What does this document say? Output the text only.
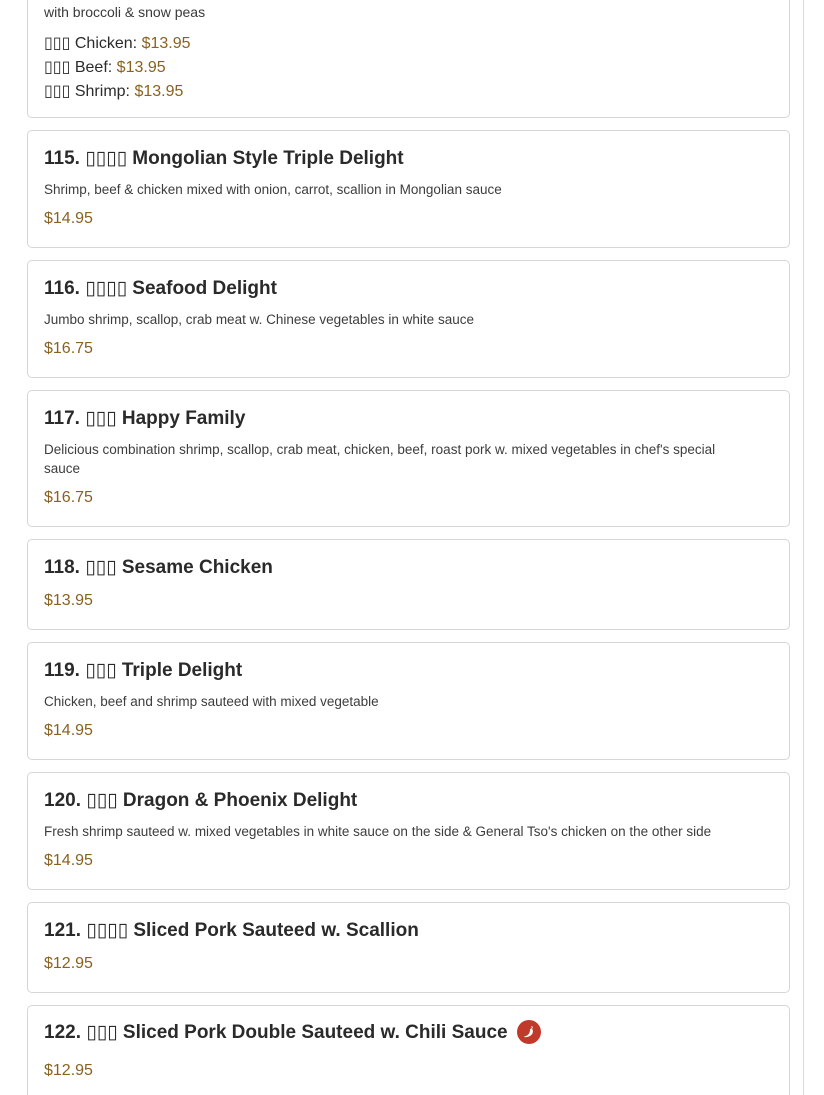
with broccoli & snow peas
▯▯▯ Chicken: $13.95
▯▯▯ Beef: $13.95
▯▯▯ Shrimp: $13.95
115. ▯▯▯▯ Mongolian Style Triple Delight
Shrimp, beef & chicken mixed with onion, carrot, scallion in Mongolian sauce
$14.95
116. ▯▯▯▯ Seafood Delight
Jumbo shrimp, scallop, crab meat w. Chinese vegetables in white sauce
$16.75
117. ▯▯▯ Happy Family
Delicious combination shrimp, scallop, crab meat, chicken, beef, roast pork w. mixed vegetables in chef's special sauce
$16.75
118. ▯▯▯ Sesame Chicken
$13.95
119. ▯▯▯ Triple Delight
Chicken, beef and shrimp sauteed with mixed vegetable
$14.95
120. ▯▯▯ Dragon & Phoenix Delight
Fresh shrimp sauteed w. mixed vegetables in white sauce on the side & General Tso's chicken on the other side
$14.95
121. ▯▯▯▯ Sliced Pork Sauteed w. Scallion
$12.95
122. ▯▯▯ Sliced Pork Double Sauteed w. Chili Sauce
$12.95
